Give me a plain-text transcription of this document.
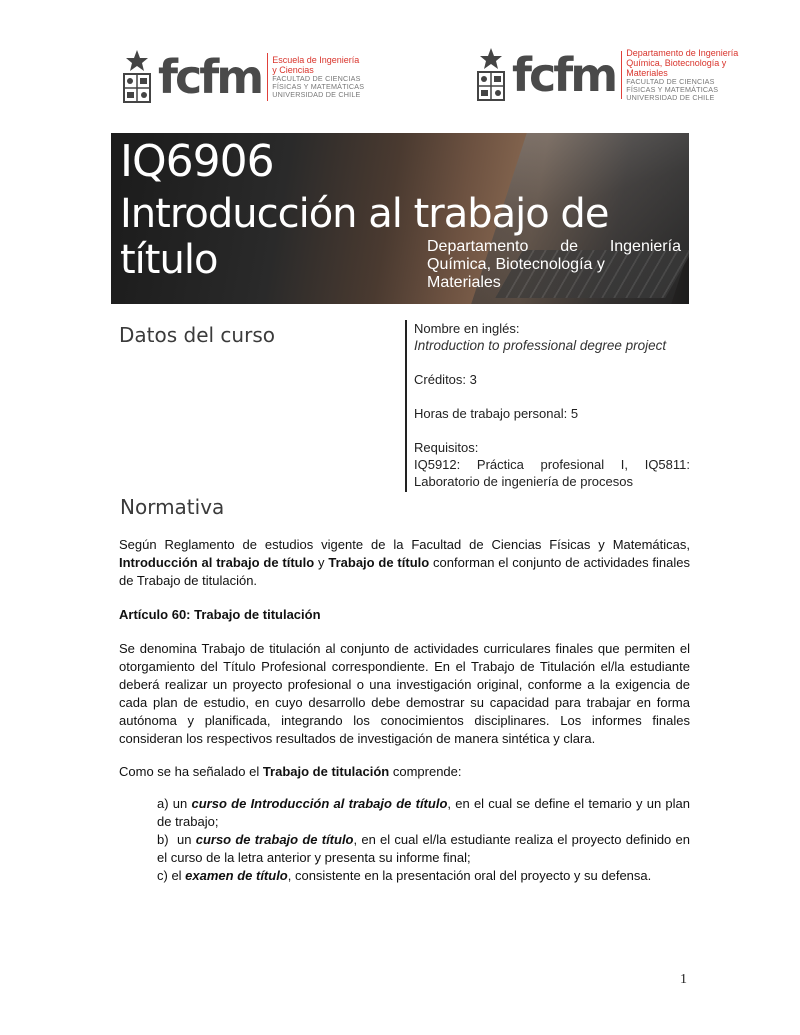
fcfm Escuela de Ingeniería
y Ciencias
FACULTAD DE CIENCIAS
FÍSICAS Y MATEMÁTICAS
UNIVERSIDAD DE CHILE	fcfm Departamento de Ingeniería
Química, Biotecnología y
Materiales
FACULTAD DE CIENCIAS
FÍSICAS Y MATEMÁTICAS
UNIVERSIDAD DE CHILE
IQ6906
Introducción al trabajo de título	Departamento de Ingeniería
Química, Biotecnología y Materiales
Datos del curso	Nombre en inglés:

Introduction to professional degree project

Créditos: 3

Horas de trabajo personal: 5

Requisitos:

IQ5912: Práctica profesional I, IQ5811: Laboratorio de ingeniería de procesos

Normativa

Según Reglamento de estudios vigente de la Facultad de Ciencias Físicas y Matemáticas, Introducción al trabajo de título y Trabajo de título conforman el conjunto de actividades finales de Trabajo de titulación.

Artículo 60: Trabajo de titulación

Se denomina Trabajo de titulación al conjunto de actividades curriculares finales que permiten el otorgamiento del Título Profesional correspondiente. En el Trabajo de Titulación el/la estudiante deberá realizar un proyecto profesional o una investigación original, conforme a la exigencia de cada plan de estudio, en cuyo desarrollo debe demostrar su capacidad para trabajar en forma autónoma y planificada, integrando los conocimientos disciplinares. Los informes finales consideran los respectivos resultados de investigación de manera sintética y clara.

Como se ha señalado el Trabajo de titulación comprende:

a) un curso de Introducción al trabajo de título, en el cual se define el temario y un plan de trabajo;
b)  un curso de trabajo de título, en el cual el/la estudiante realiza el proyecto definido en el curso de la letra anterior y presenta su informe final;
c) el examen de título, consistente en la presentación oral del proyecto y su defensa.
1
